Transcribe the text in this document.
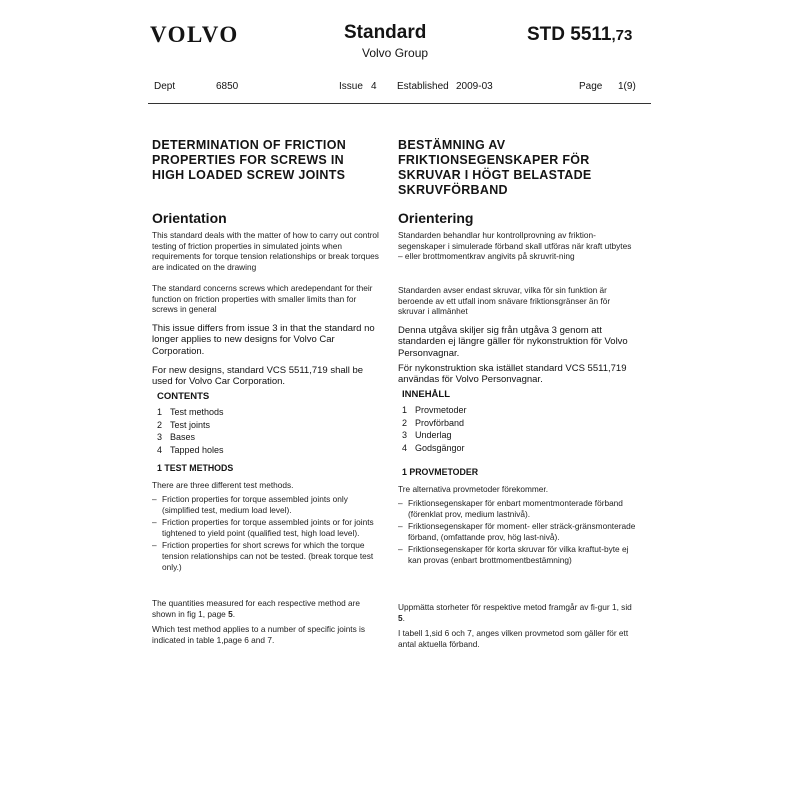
VOLVO	Standard
Volvo Group
STD 5511,73
Dept	6850	Issue 4 Established 2009-03	Page 1(9)
DETERMINATION OF FRICTION
PROPERTIES FOR SCREWS IN
HIGH LOADED SCREW JOINTS
Orientation
This standard deals with the matter of how to carry out control testing of friction properties in simulated joints when requirements for torque tension relationships or break torques are indicated on the drawing
The standard concerns screws which aredependant for their function on friction properties with smaller limits than for screws in general
This issue differs from issue 3 in that the standard no longer applies to new designs for Volvo Car Corporation.
For new designs, standard VCS 5511,719 shall be used for Volvo Car Corporation.
CONTENTS
1 Test methods
2 Test joints
3 Bases
4 Tapped holes
1 TEST METHODS
There are three different test methods.
– Friction properties for torque assembled joints only (simplified test, medium load level).
– Friction properties for torque assembled joints or for joints tightened to yield point (qualified test, high load level).
– Friction properties for short screws for which the torque tension relationships can not be tested. (break torque test only.)
The quantities measured for each respective method are shown in fig 1, page 5.
Which test method applies to a number of specific joints is indicated in table 1,page 6 and 7.
BESTÄMNING AV
FRIKTIONSEGENSKAPER FÖR
SKRUVAR I HÖGT BELASTADE
SKRUVFÖRBAND
Orientering
Standarden behandlar hur kontrollprovning av friktion-segenskaper i simulerade förband skall utföras när kraft utbytes – eller brottmomentkrav angivits på skruvrit-ning
Standarden avser endast skruvar, vilka för sin funktion är beroende av ett utfall inom snävare friktionsgränser än för skruvar i allmänhet
Denna utgåva skiljer sig från utgåva 3 genom att standarden ej längre gäller för nykonstruktion för Volvo Personvagnar.
För nykonstruktion ska istället standard VCS 5511,719 användas för Volvo Personvagnar.
INNEHÅLL
1 Provmetoder
2 Provförband
3 Underlag
4 Godsgängor
1 PROVMETODER
Tre alternativa provmetoder förekommer.
– Friktionsegenskaper för enbart momentmonterade förband (förenklat prov, medium lastnivå).
– Friktionsegenskaper för moment- eller sträck-gränsmonterade förband, (omfattande prov, hög last-nivå).
– Friktionsegenskaper för korta skruvar för vilka kraftut-byte ej kan provas (enbart brottmomentbestämning)
Uppmätta storheter för respektive metod framgår av fi-gur 1, sid 5.
I tabell 1,sid 6 och 7, anges vilken provmetod som gäller för ett antal aktuella förband.
